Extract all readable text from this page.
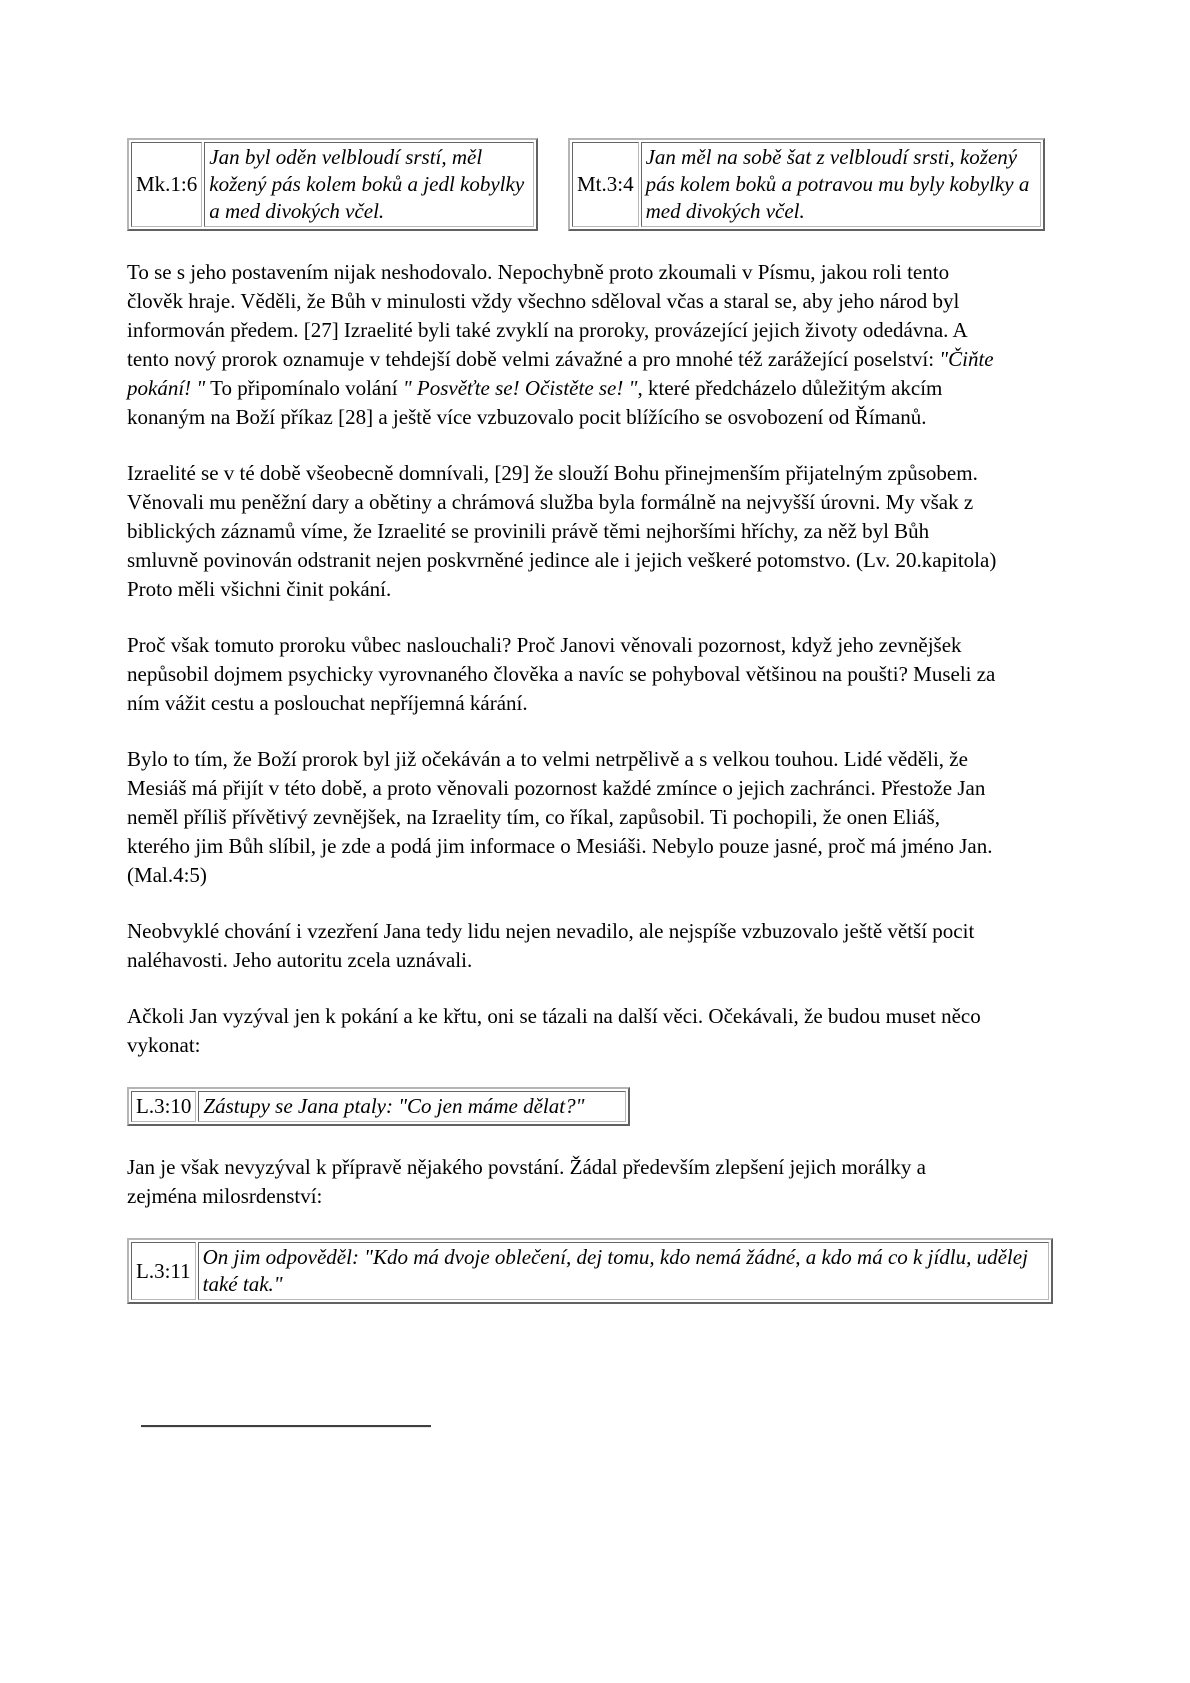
Mk.1:6	Jan byl oděn velbloudí srstí, měl kožený pás kolem boků a jedl kobylky a med divokých včel.
Mt.3:4	Jan měl na sobě šat z velbloudí srsti, kožený pás kolem boků a potravou mu byly kobylky a med divokých včel.

To se s jeho postavením nijak neshodovalo. Nepochybně proto zkoumali v Písmu, jakou roli tento člověk hraje. Věděli, že Bůh v minulosti vždy všechno sděloval včas a staral se, aby jeho národ byl informován předem. [27] Izraelité byli také zvyklí na proroky, provázející jejich životy odedávna. A tento nový prorok oznamuje v tehdejší době velmi závažné a pro mnohé též zarážející poselství: "Čiňte pokání! " To připomínalo volání " Posvěťte se! Očistěte se! ", které předcházelo důležitým akcím konaným na Boží příkaz [28] a ještě více vzbuzovalo pocit blížícího se osvobození od Římanů.

Izraelité se v té době všeobecně domnívali, [29] že slouží Bohu přinejmenším přijatelným způsobem. Věnovali mu peněžní dary a obětiny a chrámová služba byla formálně na nejvyšší úrovni. My však z biblických záznamů víme, že Izraelité se provinili právě těmi nejhoršími hříchy, za něž byl Bůh smluvně povinován odstranit nejen poskvrněné jedince ale i jejich veškeré potomstvo. (Lv. 20.kapitola) Proto měli všichni činit pokání.

Proč však tomuto proroku vůbec naslouchali? Proč Janovi věnovali pozornost, když jeho zevnějšek nepůsobil dojmem psychicky vyrovnaného člověka a navíc se pohyboval většinou na poušti? Museli za ním vážit cestu a poslouchat nepříjemná kárání.

Bylo to tím, že Boží prorok byl již očekáván a to velmi netrpělivě a s velkou touhou. Lidé věděli, že Mesiáš má přijít v této době, a proto věnovali pozornost každé zmínce o jejich zachránci. Přestože Jan neměl příliš přívětivý zevnějšek, na Izraelity tím, co říkal, zapůsobil. Ti pochopili, že onen Eliáš, kterého jim Bůh slíbil, je zde a podá jim informace o Mesiáši. Nebylo pouze jasné, proč má jméno Jan. (Mal.4:5)

Neobvyklé chování i vzezření Jana tedy lidu nejen nevadilo, ale nejspíše vzbuzovalo ještě větší pocit naléhavosti. Jeho autoritu zcela uznávali.

Ačkoli Jan vyzýval jen k pokání a ke křtu, oni se tázali na další věci. Očekávali, že budou muset něco vykonat:

L.3:10	Zástupy se Jana ptaly: "Co jen máme dělat?"

Jan je však nevyzýval k přípravě nějakého povstání. Žádal především zlepšení jejich morálky a zejména milosrdenství:

L.3:11	On jim odpověděl: "Kdo má dvoje oblečení, dej tomu, kdo nemá žádné, a kdo má co k jídlu, udělej také tak."
